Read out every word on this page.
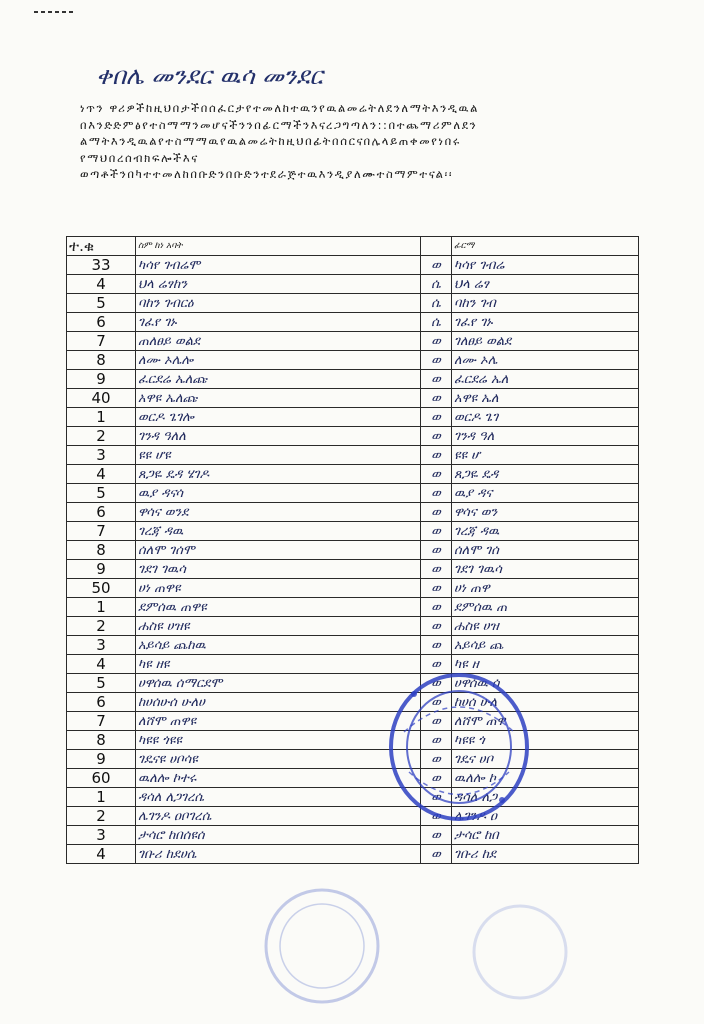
ቀበሌ መንደር ዉሳ መንደር

ነጥን ዋሪዎችከዚህበታችበሰፈርታየተመለከተዉንየዉልመሬትለደንለማትእንዲዉል

በእንድድምፅየተስማማንመሆናችንንበፊርማችንእናረጋግጣለን::በተጨማሪምለደን

ልማትእንዲዉልየተስማማዉየዉልመሬትከዚህበፊትበሰርናበሌላይጠቀመየነበሩ

የማህበረሰብክፍሎችእና

ወጣቶችንበካተተመለከበቡድንበቡድንተደራጅተዉእንዲያለሙተስማምተናል፡፡

ተ.ቁ	ስም ከነ አባት		ፊርማ
33	ካሳየ ገብሬሞ	ወ	ካሳየ ገብሬ
4	ህላ ሬፃከን	ሴ	ህላ ሬፃ
5	ባከን ገብርዕ	ሴ	ባከን ገብ
6	ገፈየ ገኑ	ሴ	ገፈየ ገኑ
7	ጠለፀይ ወልደ	ወ	ገለፀይ ወልደ
8	ለሙ ኦሌሎ	ወ	ለሙ ኦሌ
9	ፈርደሬ ኤለጩ	ወ	ፈርደሬ ኤለ
40	አዋዩ ኤለጩ	ወ	አዋዩ ኤለ
1	ወርዶ ጌገሎ	ወ	ወርዶ ጌገ
2	ገንዳ ዓለለ	ወ	ገንዳ ዓለ
3	ዩዩ ሆዩ	ወ	ዩዩ ሆ
4	ጸጋዬ ዴዳ ሄገዶ	ወ	ጸጋዬ ዴዳ
5	ዉያ ዳናሳ	ወ	ዉያ ዳና
6	ዋሳና ወንደ	ወ	ዋሳና ወን
7	ገረጃ ዳዉ	ወ	ገረጃ ዳዉ
8	ሰለሞ ገሰሞ	ወ	ሰለሞ ገሰ
9	ገደገ ገዉሳ	ወ	ገደገ ገዉሳ
50	ሀነ ጠዋዩ	ወ	ሀነ ጠዋ
1	ደምሰዉ ጠዋዩ	ወ	ደምሰዉ ጠ
2	ሐስዩ ሀዝዩ	ወ	ሐስዩ ሀዝ
3	አይሳይ ጨከዉ	ወ	አይሳይ ጨ
4	ካዩ ዘዩ	ወ	ካዩ ዘ
5	ሀዋሰዉ ሰማርደሞ	ወ	ሀዋሰዉ ሰ
6	ከሀሰሁሰ ሁለሀ	ወ	ከሀሰ ሁለ
7	ለሸሞ ጠዋዩ	ወ	ለሸሞ ጠዋ
8	ካዩዩ ጎዩዩ	ወ	ካዩዩ ጎ
9	ገዴናዩ ሀቦሳዩ	ወ	ገዴና ሀቦ
60	ዉለሎ ኮተሩ	ወ	ዉለሎ ኮ
1	ዳሳለ ለጋገረሴ	ወ	ዳሳለ ለጋ
2	ሌገንዶ ዐቦገረሴ	ወ	ሌገንዶ ዐ
3	ታሳሮ ከበሰዩሰ	ወ	ታሳሮ ከበ
4	ገቡሪ ከደሀሴ	ወ	ገቡሪ ከደ
